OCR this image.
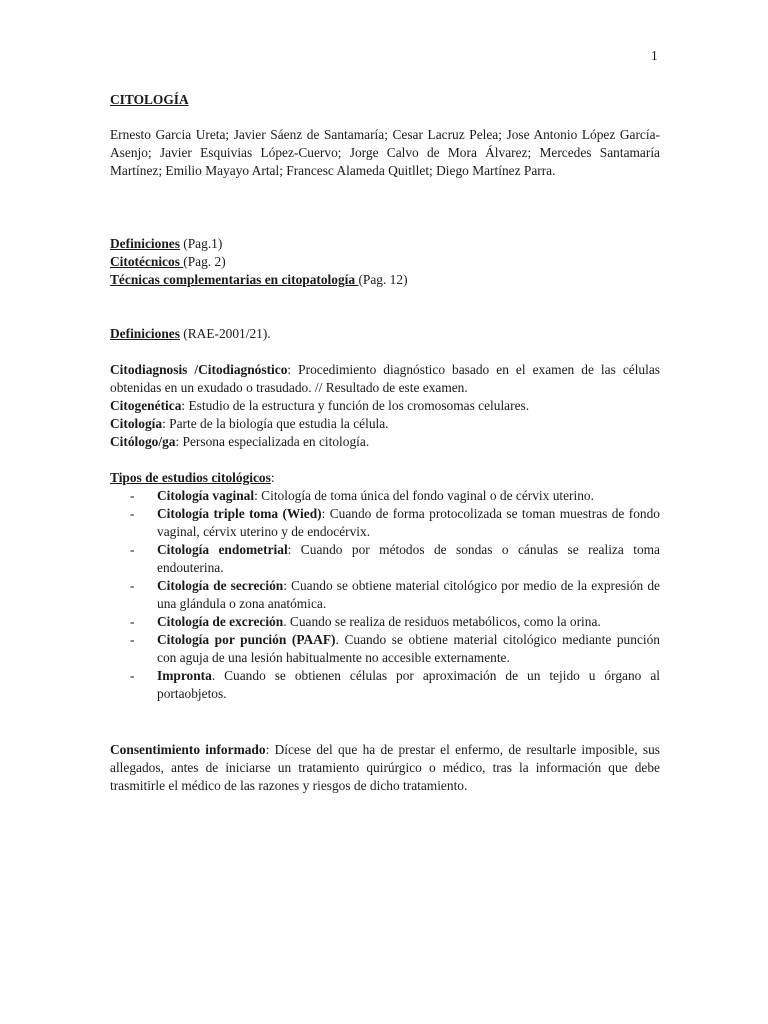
1

CITOLOGÍA

Ernesto Garcia Ureta; Javier Sáenz de Santamaría; Cesar Lacruz Pelea; Jose Antonio López García-Asenjo; Javier Esquivias López-Cuervo; Jorge Calvo de Mora Álvarez; Mercedes Santamaría Martínez; Emilio Mayayo Artal; Francesc Alameda Quitllet; Diego Martínez Parra.

Definiciones (Pag.1)

Citotécnicos (Pag. 2)

Técnicas complementarias en citopatología (Pag. 12)

Definiciones (RAE-2001/21).

Citodiagnosis /Citodiagnóstico: Procedimiento diagnóstico basado en el examen de las células obtenidas en un exudado o trasudado. // Resultado de este examen.

Citogenética: Estudio de la estructura y función de los cromosomas celulares.

Citología: Parte de la biología que estudia la célula.

Citólogo/ga: Persona especializada en citología.

Tipos de estudios citológicos:

- Citología vaginal: Citología de toma única del fondo vaginal o de cérvix uterino.
- Citología triple toma (Wied): Cuando de forma protocolizada se toman muestras de fondo vaginal, cérvix uterino y de endocérvix.
- Citología endometrial: Cuando por métodos de sondas o cánulas se realiza toma endouterina.
- Citología de secreción: Cuando se obtiene material citológico por medio de la expresión de una glándula o zona anatómica.
- Citología de excreción. Cuando se realiza de residuos metabólicos, como la orina.
- Citología por punción (PAAF). Cuando se obtiene material citológico mediante punción con aguja de una lesión habitualmente no accesible externamente.
- Impronta. Cuando se obtienen células por aproximación de un tejido u órgano al portaobjetos.

Consentimiento informado: Dícese del que ha de prestar el enfermo, de resultarle imposible, sus allegados, antes de iniciarse un tratamiento quirúrgico o médico, tras la información que debe trasmitirle el médico de las razones y riesgos de dicho tratamiento.
